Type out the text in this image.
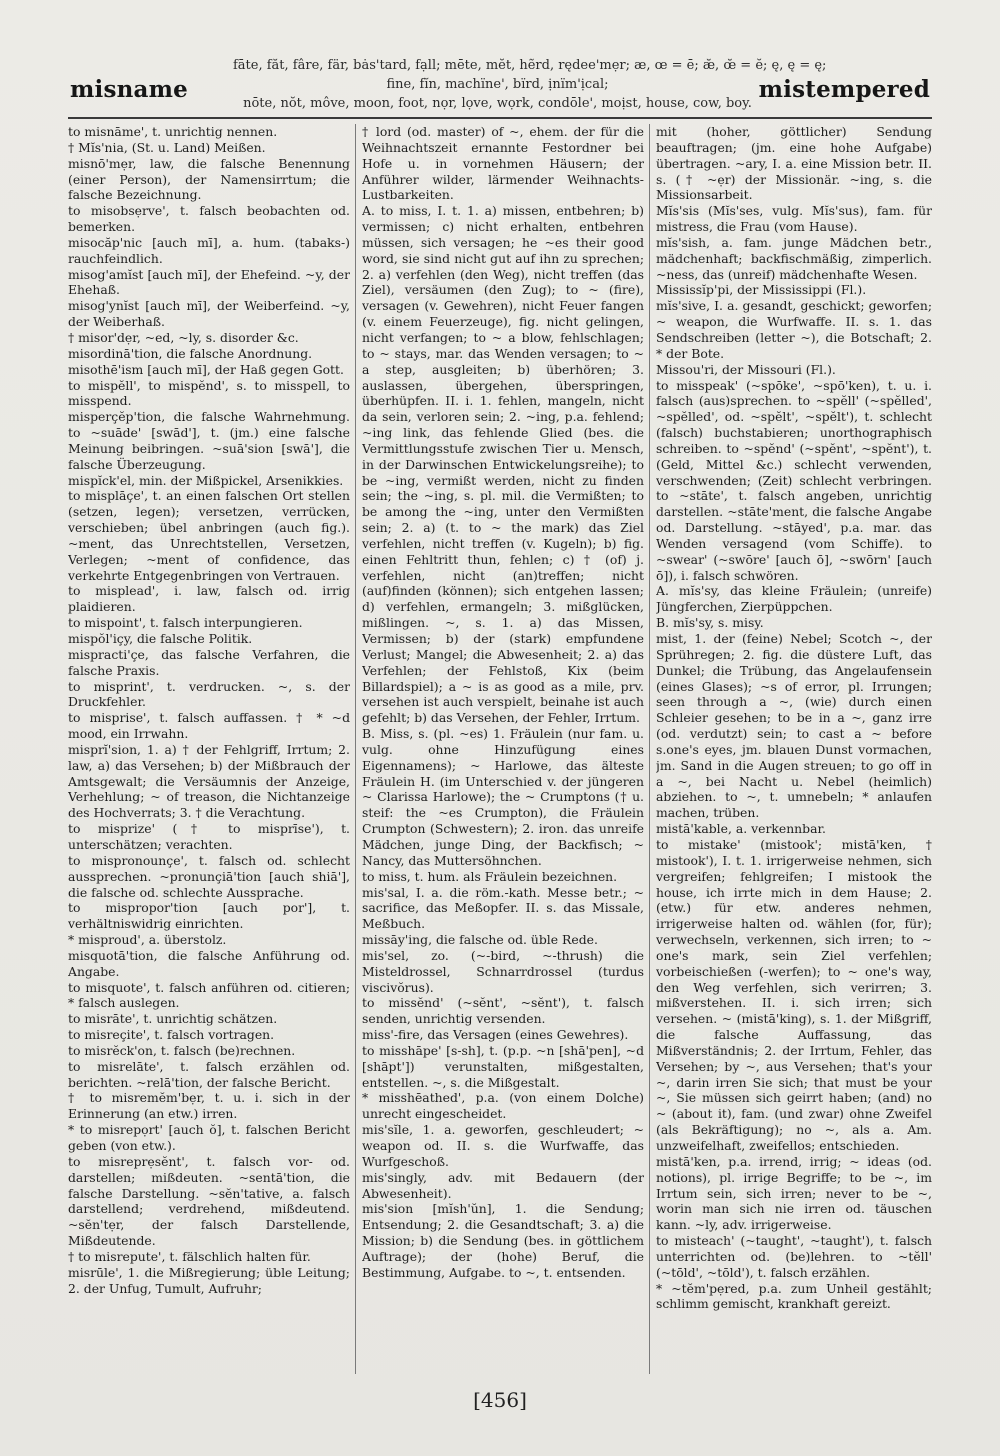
misname
fāte, făt, fâre, fär, bȧs'tard, fạll; mēte, mĕt, hẽrd, rędee'mẹr; æ, œ = ē; æ̆, œ̆ = ĕ; ę, ę = ę;
fine, fĭn, machïne', bïrd, ịnïm'ịcal;
nōte, nŏt, môve, moon, foot, nọr, lọve, wọrk, condōle', moịst, house, cow, boy.
mistempered

to misnāme', t. unrichtig nennen.

† Mĭs'nia, (St. u. Land) Meißen.

misnō'mẹr, law, die falsche Benennung (einer Person), der Namensirrtum; die falsche Bezeichnung.

to misobsẹrve', t. falsch beobachten od. bemerken.

misocăp'nic [auch mī], a. hum. (tabaks-) rauchfeindlich.

misog'amĭst [auch mī], der Ehefeind. ~y, der Ehehaß.

misog'ynĭst [auch mī], der Weiberfeind. ~y, der Weiberhaß.

† misor'dẹr, ~ed, ~ly, s. disorder &c.

misordinā'tion, die falsche Anordnung.

misothē'ism [auch mī], der Haß gegen Gott.

to mispĕll', to mispĕnd', s. to misspell, to misspend.

misperçĕp'tion, die falsche Wahrnehmung. to ~suāde' [swād'], t. (jm.) eine falsche Meinung beibringen. ~suā'sion [swā'], die falsche Überzeugung.

mispĭck'el, min. der Mißpickel, Arsenikkies.

to misplāçe', t. an einen falschen Ort stellen (setzen, legen); versetzen, verrücken, verschieben; übel anbringen (auch fig.). ~ment, das Unrechtstellen, Versetzen, Verlegen; ~ment of confidence, das verkehrte Entgegenbringen von Vertrauen.

to misplead', i. law, falsch od. irrig plaidieren.

to mispoint', t. falsch interpungieren.

mispŏl'içy, die falsche Politik.

mispracti'çe, das falsche Verfahren, die falsche Praxis.

to misprint', t. verdrucken. ~, s. der Druckfehler.

to misprise', t. falsch auffassen. † * ~d mood, ein Irrwahn.

misprĭ'sion, 1. a) † der Fehlgriff, Irrtum; 2. law, a) das Versehen; b) der Mißbrauch der Amtsgewalt; die Versäumnis der Anzeige, Verhehlung; ~ of treason, die Nichtanzeige des Hochverrats; 3. † die Verachtung.

to misprize' († to misprīse'), t. unterschätzen; verachten.

to mispronounçe', t. falsch od. schlecht aussprechen. ~pronunçiā'tion [auch shiā'], die falsche od. schlechte Aussprache.

to mispropor'tion [auch por'], t. verhältniswidrig einrichten.

* misproud', a. überstolz.

misquotā'tion, die falsche Anführung od. Angabe.

to misquote', t. falsch anführen od. citieren; * falsch auslegen.

to misrāte', t. unrichtig schätzen.

to misreçite', t. falsch vortragen.

to misrĕck'on, t. falsch (be)rechnen.

to misrelāte', t. falsch erzählen od. berichten. ~relā'tion, der falsche Bericht.

† to misremĕm'bẹr, t. u. i. sich in der Erinnerung (an etw.) irren.

* to misrepọrt' [auch ŏ], t. falschen Bericht geben (von etw.).

to misreprẹsĕnt', t. falsch vor- od. darstellen; mißdeuten. ~sentā'tion, die falsche Darstellung. ~sĕn'tative, a. falsch darstellend; verdrehend, mißdeutend. ~sĕn'tẹr, der falsch Darstellende, Mißdeutende.

† to misrepute', t. fälschlich halten für.

misrūle', 1. die Mißregierung; üble Leitung; 2. der Unfug, Tumult, Aufruhr;

† lord (od. master) of ~, ehem. der für die Weihnachtszeit ernannte Festordner bei Hofe u. in vornehmen Häusern; der Anführer wilder, lärmender Weihnachts-Lustbarkeiten.

A. to miss, I. t. 1. a) missen, entbehren; b) vermissen; c) nicht erhalten, entbehren müssen, sich versagen; he ~es their good word, sie sind nicht gut auf ihn zu sprechen; 2. a) verfehlen (den Weg), nicht treffen (das Ziel), versäumen (den Zug); to ~ (fire), versagen (v. Gewehren), nicht Feuer fangen (v. einem Feuerzeuge), fig. nicht gelingen, nicht verfangen; to ~ a blow, fehlschlagen; to ~ stays, mar. das Wenden versagen; to ~ a step, ausgleiten; b) überhören; 3. auslassen, übergehen, überspringen, überhüpfen. II. i. 1. fehlen, mangeln, nicht da sein, verloren sein; 2. ~ing, p.a. fehlend; ~ing link, das fehlende Glied (bes. die Vermittlungsstufe zwischen Tier u. Mensch, in der Darwinschen Entwickelungsreihe); to be ~ing, vermißt werden, nicht zu finden sein; the ~ing, s. pl. mil. die Vermißten; to be among the ~ing, unter den Vermißten sein; 2. a) (t. to ~ the mark) das Ziel verfehlen, nicht treffen (v. Kugeln); b) fig. einen Fehltritt thun, fehlen; c) † (of) j. verfehlen, nicht (an)treffen; nicht (auf)finden (können); sich entgehen lassen; d) verfehlen, ermangeln; 3. mißglücken, mißlingen. ~, s. 1. a) das Missen, Vermissen; b) der (stark) empfundene Verlust; Mangel; die Abwesenheit; 2. a) das Verfehlen; der Fehlstoß, Kix (beim Billardspiel); a ~ is as good as a mile, prv. versehen ist auch verspielt, beinahe ist auch gefehlt; b) das Versehen, der Fehler, Irrtum.

B. Miss, s. (pl. ~es) 1. Fräulein (nur fam. u. vulg. ohne Hinzufügung eines Eigennamens); ~ Harlowe, das älteste Fräulein H. (im Unterschied v. der jüngeren ~ Clarissa Harlowe); the ~ Crumptons († u. steif: the ~es Crumpton), die Fräulein Crumpton (Schwestern); 2. iron. das unreife Mädchen, junge Ding, der Backfisch; ~ Nancy, das Muttersöhnchen.

to miss, t. hum. als Fräulein bezeichnen.

mis'sal, I. a. die röm.-kath. Messe betr.; ~ sacrifice, das Meßopfer. II. s. das Missale, Meßbuch.

missāy'ing, die falsche od. üble Rede.

mis'sel, zo. (~-bird, ~-thrush) die Misteldrossel, Schnarrdrossel (turdus viscivŏrus).

to missĕnd' (~sĕnt', ~sĕnt'), t. falsch senden, unrichtig versenden.

miss'-fire, das Versagen (eines Gewehres).

to misshāpe' [s-sh], t. (p.p. ~n [shā'pen], ~d [shāpt']) verunstalten, mißgestalten, entstellen. ~, s. die Mißgestalt.

* misshēathed', p.a. (von einem Dolche) unrecht eingescheidet.

mis'sĭle, 1. a. geworfen, geschleudert; ~ weapon od. II. s. die Wurfwaffe, das Wurfgeschoß.

mis'singly, adv. mit Bedauern (der Abwesenheit).

mis'sion [mĭsh'ŭn], 1. die Sendung; Entsendung; 2. die Gesandtschaft; 3. a) die Mission; b) die Sendung (bes. in göttlichem Auftrage); der (hohe) Beruf, die Bestimmung, Aufgabe. to ~, t. entsenden.

mit (hoher, göttlicher) Sendung beauftragen; (jm. eine hohe Aufgabe) übertragen. ~ary, I. a. eine Mission betr. II. s. († ~ẹr) der Missionär. ~ing, s. die Missionsarbeit.

Mĭs'sis (Mĭs'ses, vulg. Mĭs'sus), fam. für mistress, die Frau (vom Hause).

mĭs'sish, a. fam. junge Mädchen betr., mädchenhaft; backfischmäßig, zimperlich. ~ness, das (unreif) mädchenhafte Wesen.

Mississĭp'pi, der Mississippi (Fl.).

mĭs'sive, I. a. gesandt, geschickt; geworfen; ~ weapon, die Wurfwaffe. II. s. 1. das Sendschreiben (letter ~), die Botschaft; 2. * der Bote.

Missou'ri, der Missouri (Fl.).

to misspeak' (~spōke', ~spō'ken), t. u. i. falsch (aus)sprechen. to ~spĕll' (~spĕlled', ~spĕlled', od. ~spĕlt', ~spĕlt'), t. schlecht (falsch) buchstabieren; unorthographisch schreiben. to ~spĕnd' (~spĕnt', ~spĕnt'), t. (Geld, Mittel &c.) schlecht verwenden, verschwenden; (Zeit) schlecht verbringen. to ~stāte', t. falsch angeben, unrichtig darstellen. ~stāte'ment, die falsche Angabe od. Darstellung. ~stāyed', p.a. mar. das Wenden versagend (vom Schiffe). to ~swear' (~swōre' [auch ō], ~swōrn' [auch ō]), i. falsch schwören.

A. mĭs'sy, das kleine Fräulein; (unreife) Jüngferchen, Zierpüppchen.

B. mĭs'sy, s. misy.

mist, 1. der (feine) Nebel; Scotch ~, der Sprühregen; 2. fig. die düstere Luft, das Dunkel; die Trübung, das Angelaufensein (eines Glases); ~s of error, pl. Irrungen; seen through a ~, (wie) durch einen Schleier gesehen; to be in a ~, ganz irre (od. verdutzt) sein; to cast a ~ before s.one's eyes, jm. blauen Dunst vormachen, jm. Sand in die Augen streuen; to go off in a ~, bei Nacht u. Nebel (heimlich) abziehen. to ~, t. umnebeln; * anlaufen machen, trüben.

mistā'kable, a. verkennbar.

to mistake' (mistook'; mistā'ken, † mistook'), I. t. 1. irrigerweise nehmen, sich vergreifen; fehlgreifen; I mistook the house, ich irrte mich in dem Hause; 2. (etw.) für etw. anderes nehmen, irrigerweise halten od. wählen (for, für); verwechseln, verkennen, sich irren; to ~ one's mark, sein Ziel verfehlen; vorbeischießen (-werfen); to ~ one's way, den Weg verfehlen, sich verirren; 3. mißverstehen. II. i. sich irren; sich versehen. ~ (mistā'king), s. 1. der Mißgriff, die falsche Auffassung, das Mißverständnis; 2. der Irrtum, Fehler, das Versehen; by ~, aus Versehen; that's your ~, darin irren Sie sich; that must be your ~, Sie müssen sich geirrt haben; (and) no ~ (about it), fam. (und zwar) ohne Zweifel (als Bekräftigung); no ~, als a. Am. unzweifelhaft, zweifellos; entschieden.

mistā'ken, p.a. irrend, irrig; ~ ideas (od. notions), pl. irrige Begriffe; to be ~, im Irrtum sein, sich irren; never to be ~, worin man sich nie irren od. täuschen kann. ~ly, adv. irrigerweise.

to misteach' (~taught', ~taught'), t. falsch unterrichten od. (be)lehren. to ~tĕll' (~tōld', ~tōld'), t. falsch erzählen.

* ~tĕm'pẹred, p.a. zum Unheil gestählt; schlimm gemischt, krankhaft gereizt.

[456]
